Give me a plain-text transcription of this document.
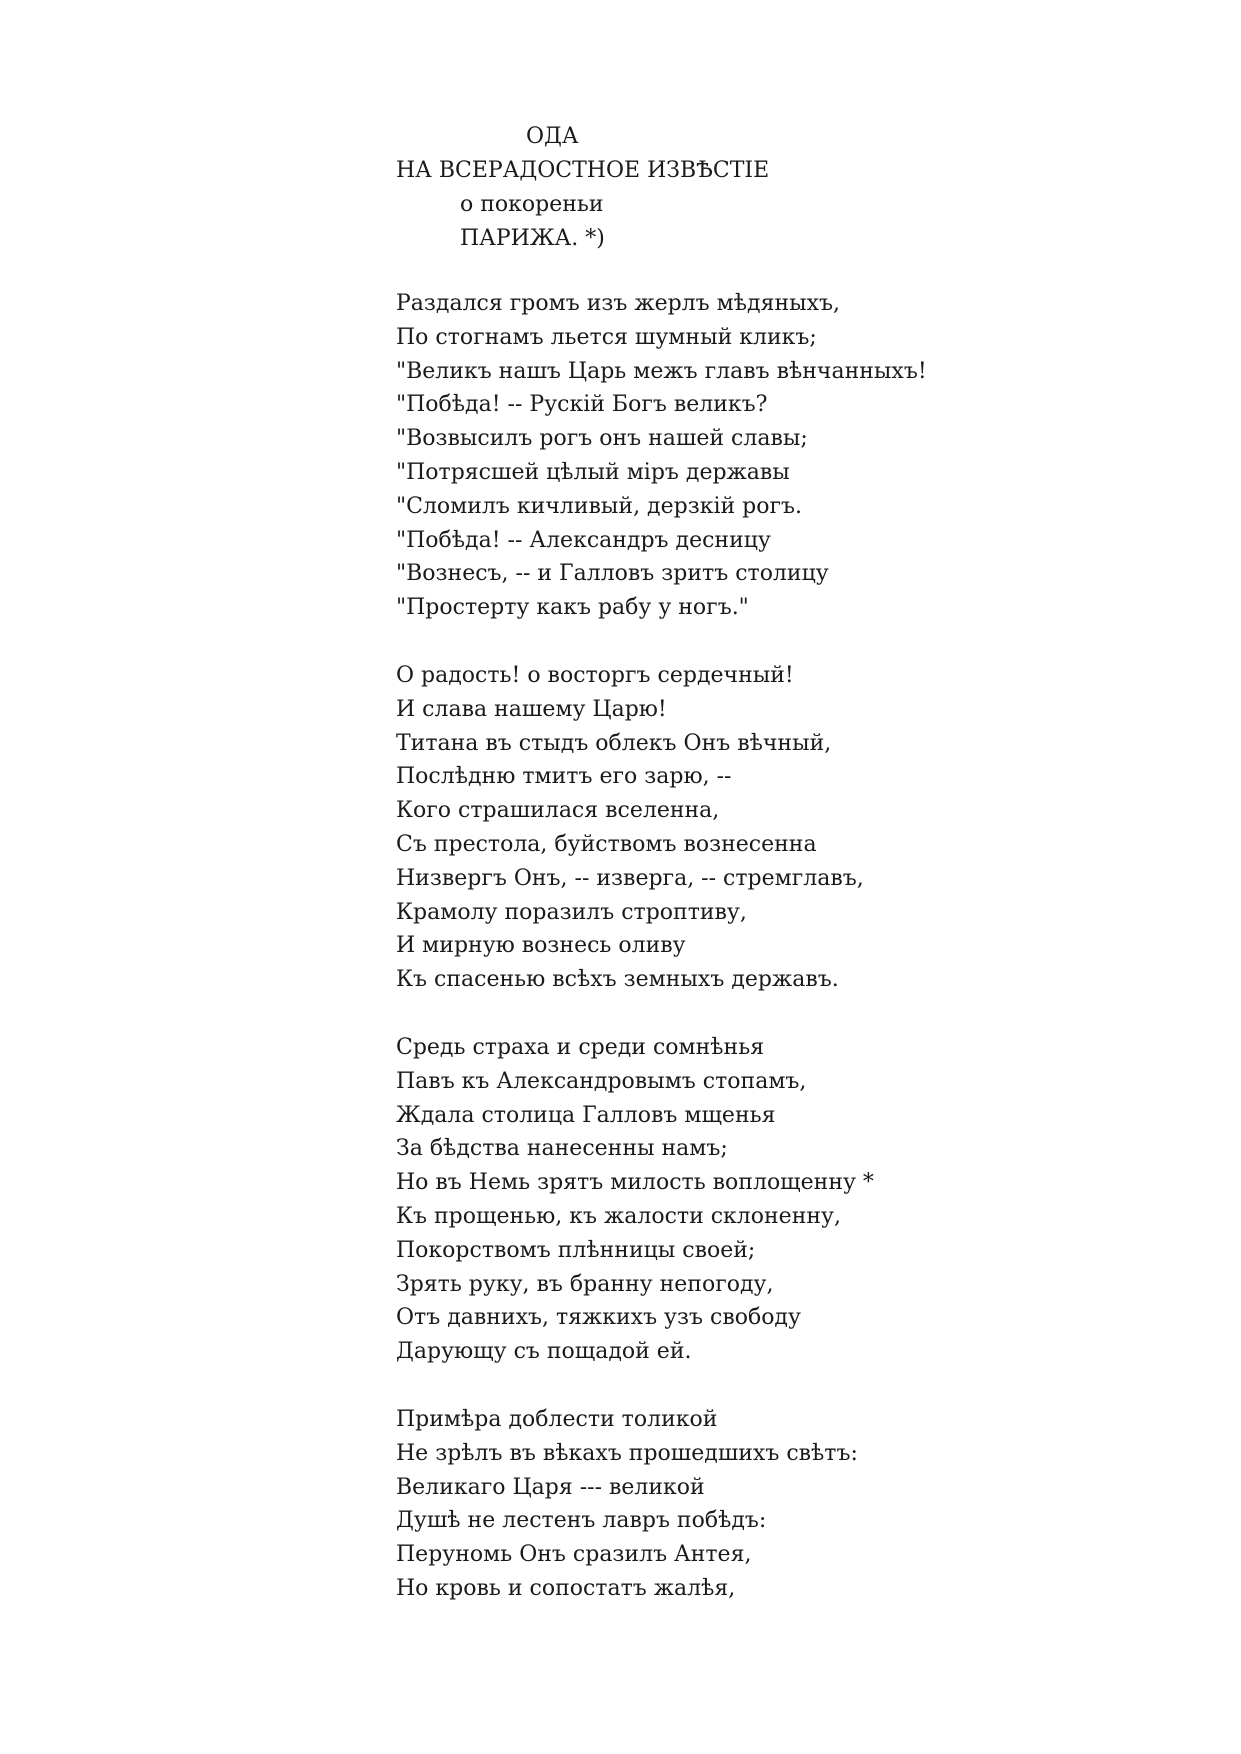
ОДА
НА ВСЕРАДОСТНОЕ ИЗВѢСТIЕ
о покореньи
ПАРИЖА. *)
Раздался громъ изъ жерлъ мѣдяныхъ,
По стогнамъ льется шумный кликъ;
"Великъ нашъ Царь межъ главъ вѣнчанныхъ!
"Побѣда! -- Рускiй Богъ великъ?
"Возвысилъ рогъ онъ нашей славы;
"Потрясшей цѣлый мiръ державы
"Сломилъ кичливый, дерзкiй рогъ.
"Побѣда! -- Александръ десницу
"Вознесъ, -- и Галловъ зритъ столицу
"Простерту какъ рабу у ногъ."
О радость! о восторгъ сердечный!
И слава нашему Царю!
Титана въ стыдъ облекъ Онъ вѣчный,
Послѣдню тмитъ его зарю, --
Кого страшилася вселенна,
Съ престола, буйствомъ вознесенна
Низвергъ Онъ, -- изверга, -- стремглавъ,
Крамолу поразилъ строптиву,
И мирную вознесь оливу
Къ спасенью всѣхъ земныхъ державъ.
Средь страха и среди сомнѣнья
Павъ къ Александровымъ стопамъ,
Ждала столица Галловъ мщенья
За бѣдства нанесенны намъ;
Но въ Немь зрятъ милость воплощенну *
Къ прощенью, къ жалости склоненну,
Покорствомъ плѣнницы своей;
Зрять руку, въ бранну непогоду,
Отъ давнихъ, тяжкихъ узъ свободу
Дарующу съ пощадой ей.
Примѣра доблести толикой
Не зрѣлъ въ вѣкахъ прошедшихъ свѣтъ:
Великаго Царя --- великой
Душѣ не лестенъ лавръ побѣдъ:
Перуномь Онъ сразилъ Антея,
Но кровь и сопостатъ жалѣя,
